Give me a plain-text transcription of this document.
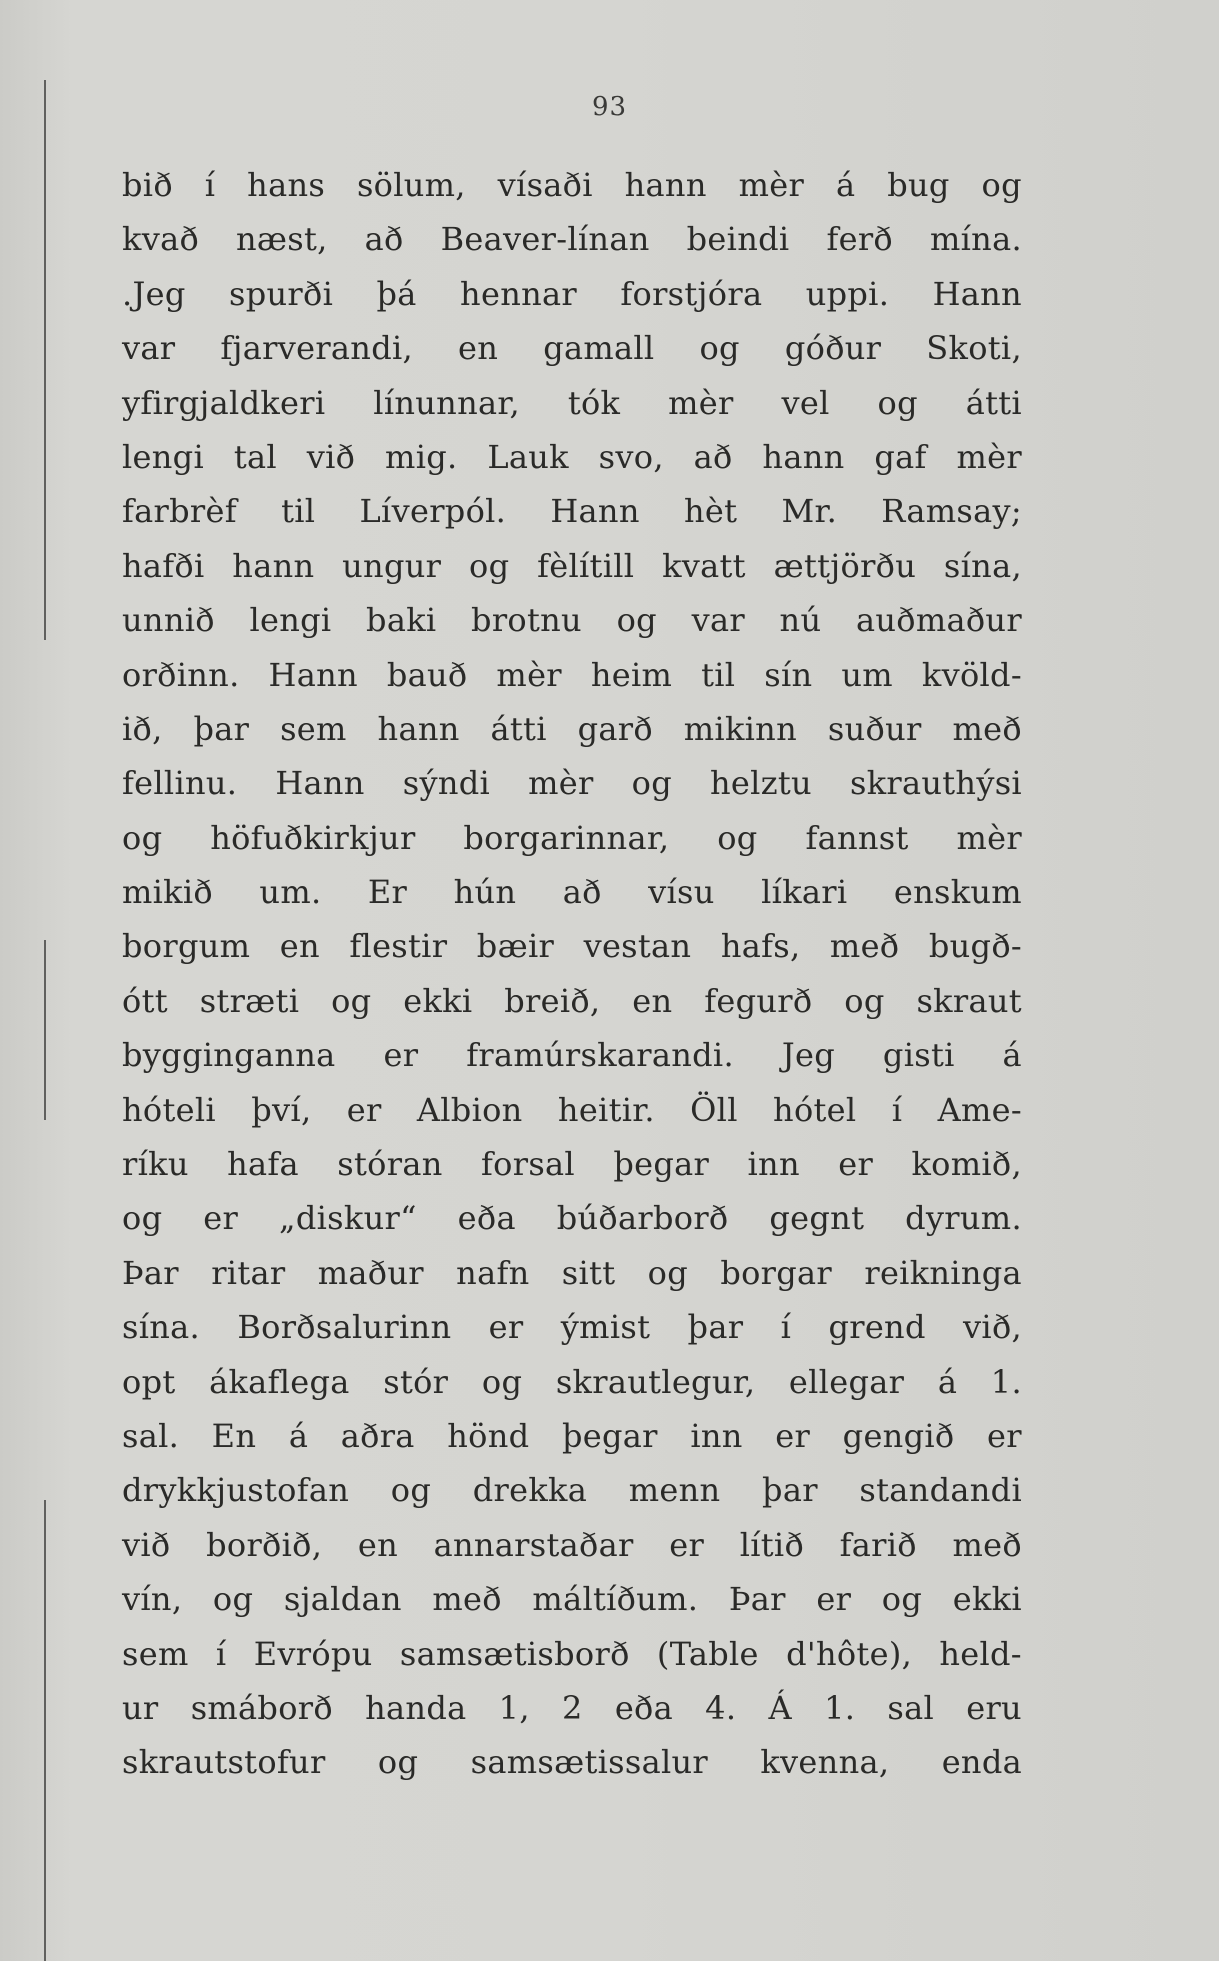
93
bið í hans sölum, vísaði hann mèr á bug og
kvað næst, að Beaver-línan beindi ferð mína.
.Jeg spurði þá hennar forstjóra uppi. Hann
var fjarverandi, en gamall og góður Skoti,
yfirgjaldkeri línunnar, tók mèr vel og átti
lengi tal við mig. Lauk svo, að hann gaf mèr
farbrèf til Líverpól. Hann hèt Mr. Ramsay;
hafði hann ungur og fèlítill kvatt ættjörðu sína,
unnið lengi baki brotnu og var nú auðmaður
orðinn. Hann bauð mèr heim til sín um kvöld-
ið, þar sem hann átti garð mikinn suður með
fellinu. Hann sýndi mèr og helztu skrauthýsi
og höfuðkirkjur borgarinnar, og fannst mèr
mikið um. Er hún að vísu líkari enskum
borgum en flestir bæir vestan hafs, með bugð-
ótt stræti og ekki breið, en fegurð og skraut
bygginganna er framúrskarandi. Jeg gisti á
hóteli því, er Albion heitir. Öll hótel í Ame-
ríku hafa stóran forsal þegar inn er komið,
og er „diskur“ eða búðarborð gegnt dyrum.
Þar ritar maður nafn sitt og borgar reikninga
sína. Borðsalurinn er ýmist þar í grend við,
opt ákaflega stór og skrautlegur, ellegar á 1.
sal. En á aðra hönd þegar inn er gengið er
drykkjustofan og drekka menn þar standandi
við borðið, en annarstaðar er lítið farið með
vín, og sjaldan með máltíðum. Þar er og ekki
sem í Evrópu samsætisborð (Table d'hôte), held-
ur smáborð handa 1, 2 eða 4. Á 1. sal eru
skrautstofur og samsætissalur kvenna, enda
